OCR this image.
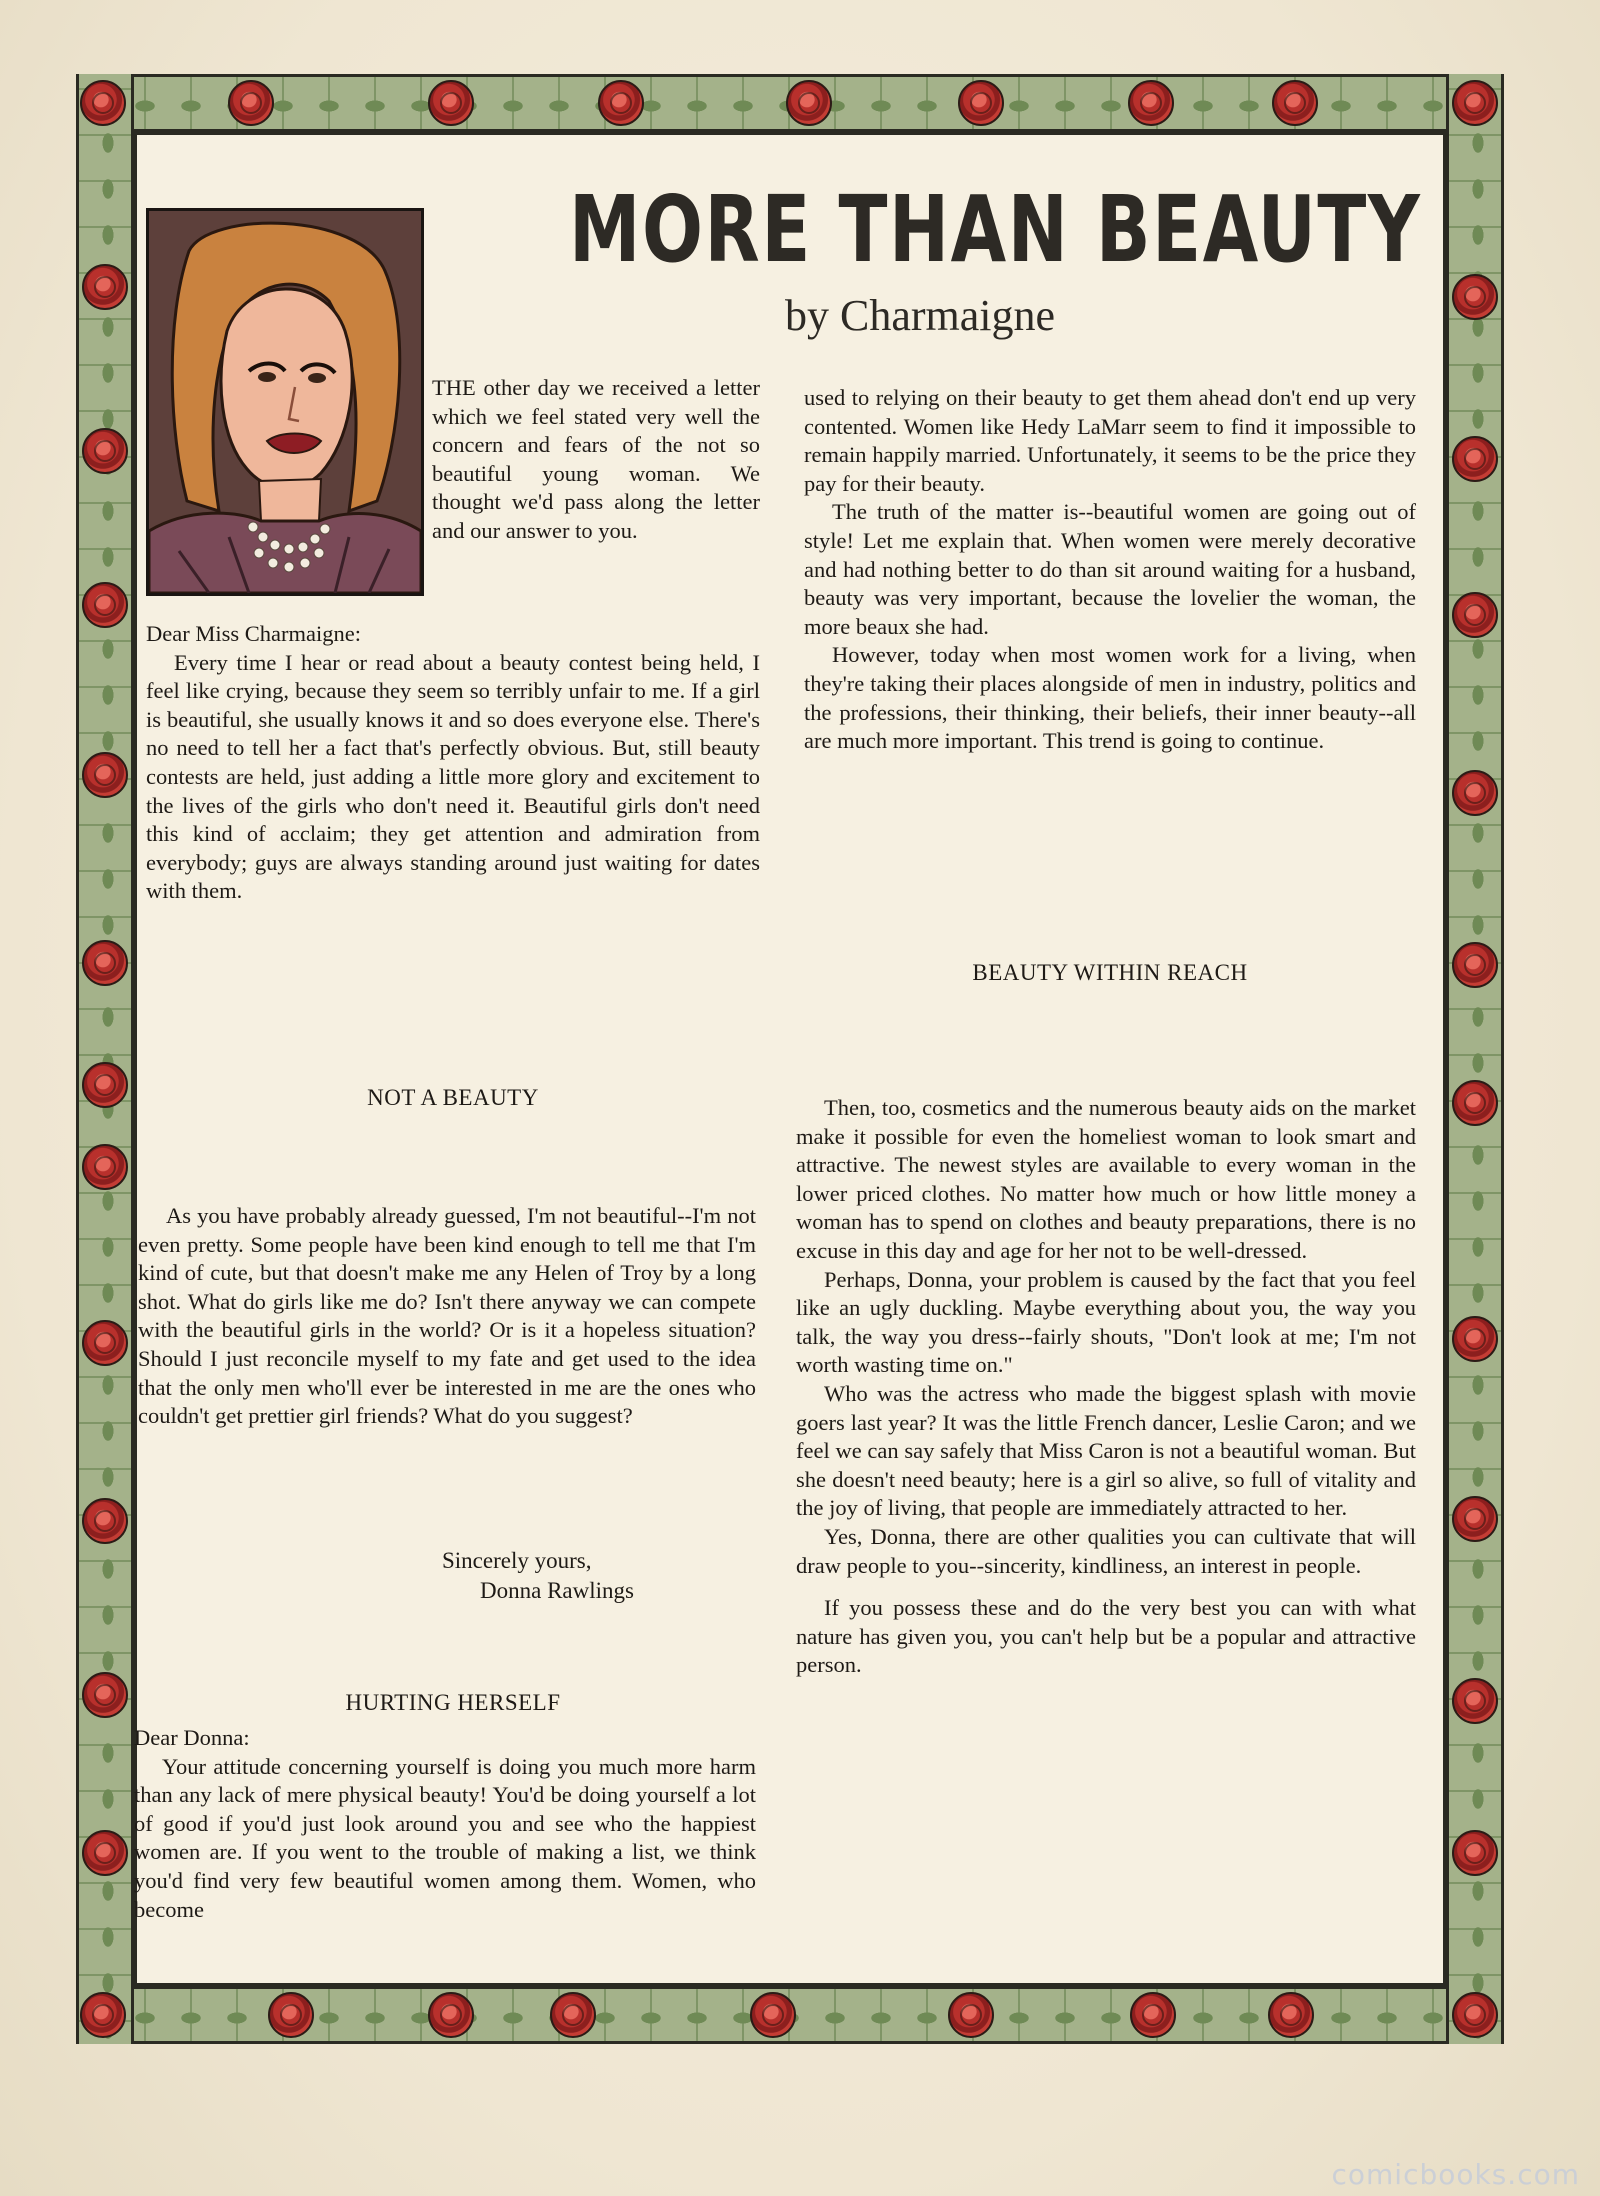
MORE THAN BEAUTY
by Charmaigne

THE other day we received a letter which we feel stated very well the concern and fears of the not so beautiful young woman. We thought we'd pass along the letter and our answer to you.

Dear Miss Charmaigne:

Every time I hear or read about a beauty contest being held, I feel like crying, because they seem so terribly unfair to me. If a girl is beautiful, she usually knows it and so does everyone else. There's no need to tell her a fact that's perfectly obvious. But, still beauty contests are held, just adding a little more glory and excitement to the lives of the girls who don't need it. Beautiful girls don't need this kind of acclaim; they get attention and admiration from everybody; guys are always standing around just waiting for dates with them.

NOT A BEAUTY

As you have probably already guessed, I'm not beautiful--I'm not even pretty. Some people have been kind enough to tell me that I'm kind of cute, but that doesn't make me any Helen of Troy by a long shot. What do girls like me do? Isn't there anyway we can compete with the beautiful girls in the world? Or is it a hopeless situation? Should I just reconcile myself to my fate and get used to the idea that the only men who'll ever be interested in me are the ones who couldn't get prettier girl friends? What do you suggest?

Sincerely yours,
Donna Rawlings
HURTING HERSELF

Dear Donna:

Your attitude concerning yourself is doing you much more harm than any lack of mere physical beauty! You'd be doing yourself a lot of good if you'd just look around you and see who the happiest women are. If you went to the trouble of making a list, we think you'd find very few beautiful women among them. Women, who become

used to relying on their beauty to get them ahead don't end up very contented. Women like Hedy LaMarr seem to find it impossible to remain happily married. Unfortunately, it seems to be the price they pay for their beauty.

The truth of the matter is--beautiful women are going out of style! Let me explain that. When women were merely decorative and had nothing better to do than sit around waiting for a husband, beauty was very important, because the lovelier the woman, the more beaux she had.

However, today when most women work for a living, when they're taking their places alongside of men in industry, politics and the professions, their thinking, their beliefs, their inner beauty--all are much more important. This trend is going to continue.

BEAUTY WITHIN REACH

Then, too, cosmetics and the numerous beauty aids on the market make it possible for even the homeliest woman to look smart and attractive. The newest styles are available to every woman in the lower priced clothes. No matter how much or how little money a woman has to spend on clothes and beauty preparations, there is no excuse in this day and age for her not to be well-dressed.

Perhaps, Donna, your problem is caused by the fact that you feel like an ugly duckling. Maybe everything about you, the way you talk, the way you dress--fairly shouts, "Don't look at me; I'm not worth wasting time on."

Who was the actress who made the biggest splash with movie goers last year? It was the little French dancer, Leslie Caron; and we feel we can say safely that Miss Caron is not a beautiful woman. But she doesn't need beauty; here is a girl so alive, so full of vitality and the joy of living, that people are immediately attracted to her.

Yes, Donna, there are other qualities you can cultivate that will draw people to you--sincerity, kindliness, an interest in people.

If you possess these and do the very best you can with what nature has given you, you can't help but be a popular and attractive person.

comicbooks.com
